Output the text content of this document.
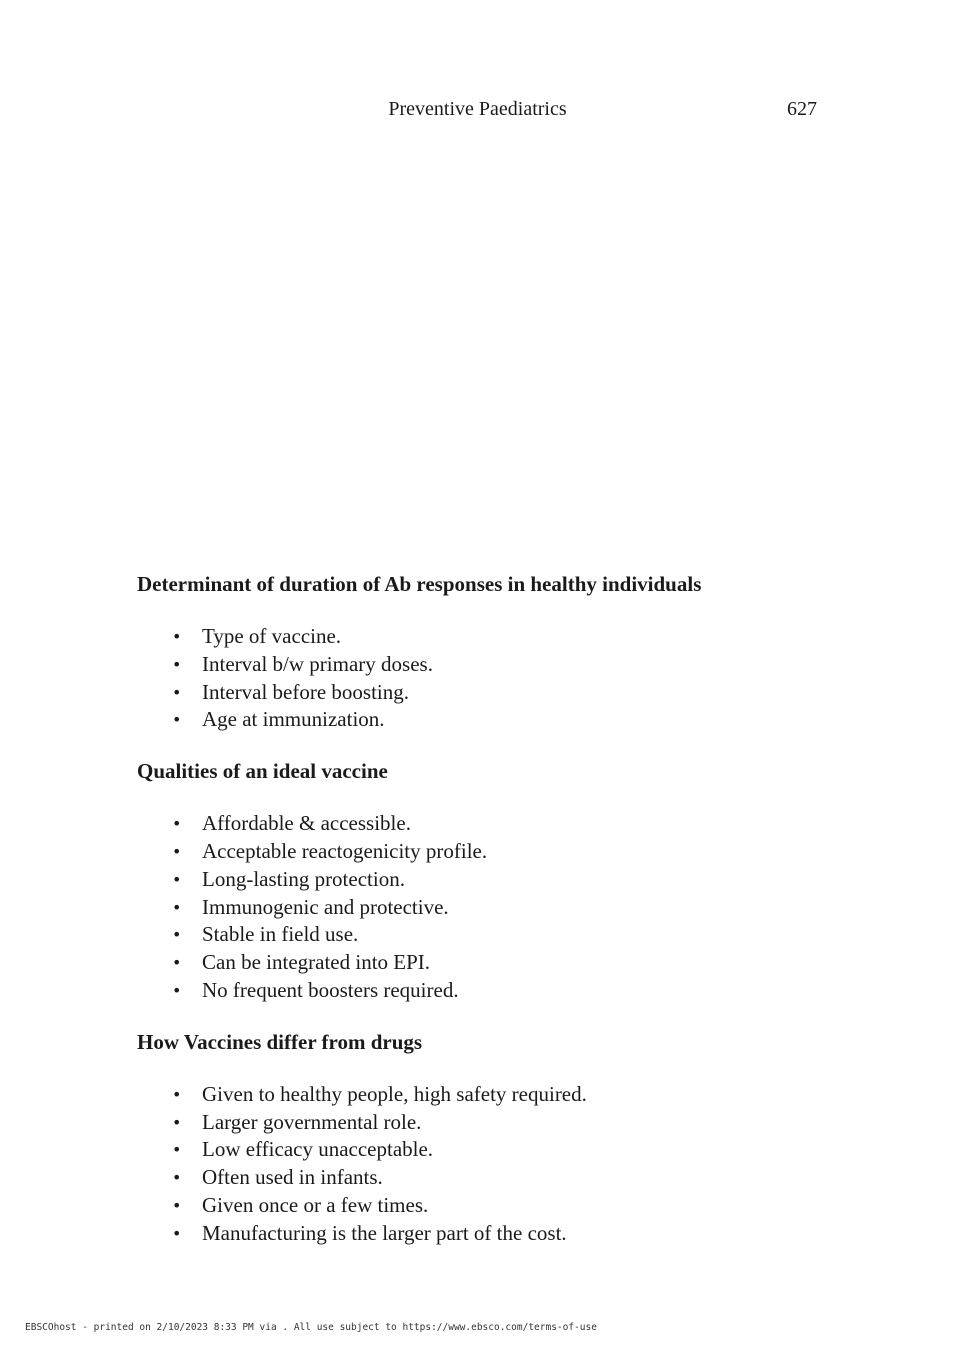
Preventive Paediatrics	627
Determinant of duration of Ab responses in healthy individuals
• Type of vaccine.
• Interval b/w primary doses.
• Interval before boosting.
• Age at immunization.
Qualities of an ideal vaccine
• Affordable & accessible.
• Acceptable reactogenicity profile.
• Long-lasting protection.
• Immunogenic and protective.
• Stable in field use.
• Can be integrated into EPI.
• No frequent boosters required.
How Vaccines differ from drugs
• Given to healthy people, high safety required.
• Larger governmental role.
• Low efficacy unacceptable.
• Often used in infants.
• Given once or a few times.
• Manufacturing is the larger part of the cost.
EBSCOhost - printed on 2/10/2023 8:33 PM via . All use subject to https://www.ebsco.com/terms-of-use
